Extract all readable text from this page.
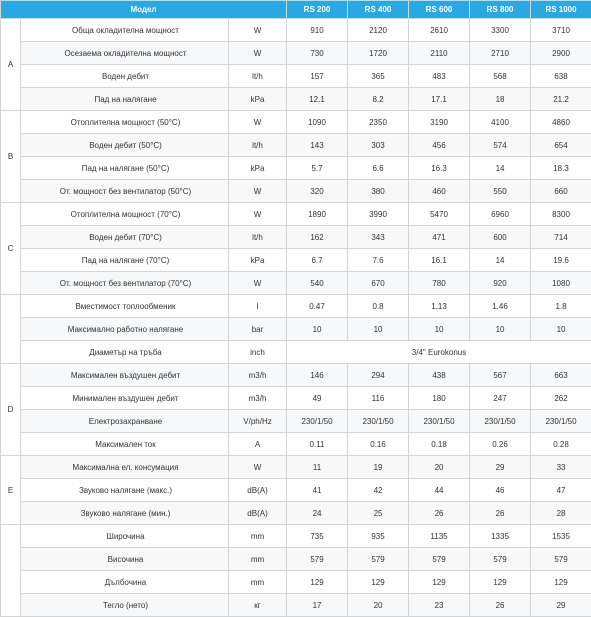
Модел			RS 200	RS 400	RS 600	RS 800	RS 1000
A	Обща окладителна мощност	W	910	2120	2610	3300	3710
	Осезаема окладителна мощност	W	730	1720	2110	2710	2900
	Воден дебит	lt/h	157	365	483	568	638
	Пад на налягане	kPa	12.1	8.2	17.1	18	21.2
B	Отоплителна мощност (50°C)	W	1090	2350	3190	4100	4860
	Воден дебит (50°C)	lt/h	143	303	456	574	654
	Пад на налягане (50°C)	kPa	5.7	6.6	16.3	14	18.3
	От. мощност без вентилатор (50°C)	W	320	380	460	550	660
C	Отоплителна мощност (70°C)	W	1890	3990	5470	6960	8300
	Воден дебит (70°C)	lt/h	162	343	471	600	714
	Пад на налягане (70°C)	kPa	6.7	7.6	16.1	14	19.6
	От. мощност без вентилатор (70°C)	W	540	670	780	920	1080
	Вместимост топлообменик	l	0.47	0.8	1.13	1.46	1.8
	Максимално работно налягане	bar	10	10	10	10	10
	Диаметър на тръба	inch	3/4" Eurokonus				
D	Максимален въздушен дебит	m3/h	146	294	438	567	663
	Минимален въздушен дебит	m3/h	49	116	180	247	262
	Електрозахранване	V/ph/Hz	230/1/50	230/1/50	230/1/50	230/1/50	230/1/50
	Максимален ток	A	0.11	0.16	0.18	0.26	0.28
E	Максимална ел. консумация	W	11	19	20	29	33
	Звуково налягане (макс.)	dB(A)	41	42	44	46	47
	Звуково налягане (мин.)	dB(A)	24	25	26	26	28
	Широчина	mm	735	935	1135	1335	1535
	Височина	mm	579	579	579	579	579
	Дълбочина	mm	129	129	129	129	129
	Тегло (нето)	кг	17	20	23	26	29
